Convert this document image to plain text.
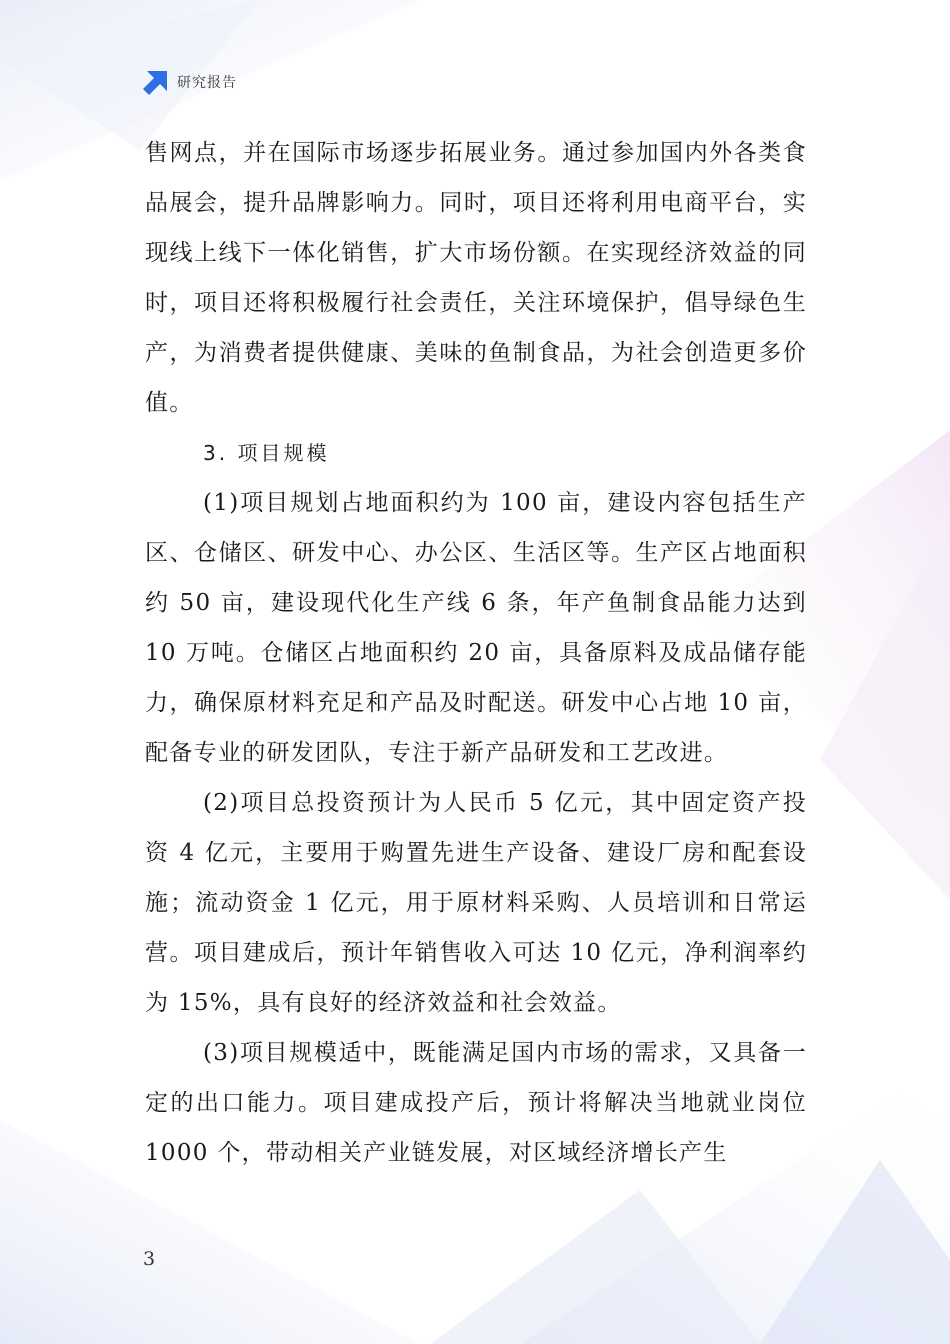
研究报告

售网点，并在国际市场逐步拓展业务。通过参加国内外各类食品展会，提升品牌影响力。同时，项目还将利用电商平台，实现线上线下一体化销售，扩大市场份额。在实现经济效益的同时，项目还将积极履行社会责任，关注环境保护，倡导绿色生产，为消费者提供健康、美味的鱼制食品，为社会创造更多价值。

3. 项目规模

(1)项目规划占地面积约为 100 亩，建设内容包括生产区、仓储区、研发中心、办公区、生活区等。生产区占地面积约 50 亩，建设现代化生产线 6 条，年产鱼制食品能力达到 10 万吨。仓储区占地面积约 20 亩，具备原料及成品储存能力，确保原材料充足和产品及时配送。研发中心占地 10 亩，配备专业的研发团队，专注于新产品研发和工艺改进。

(2)项目总投资预计为人民币 5 亿元，其中固定资产投资 4 亿元，主要用于购置先进生产设备、建设厂房和配套设施；流动资金 1 亿元，用于原材料采购、人员培训和日常运营。项目建成后，预计年销售收入可达 10 亿元，净利润率约为 15%，具有良好的经济效益和社会效益。

(3)项目规模适中，既能满足国内市场的需求，又具备一定的出口能力。项目建成投产后，预计将解决当地就业岗位 1000 个，带动相关产业链发展，对区域经济增长产生

3
